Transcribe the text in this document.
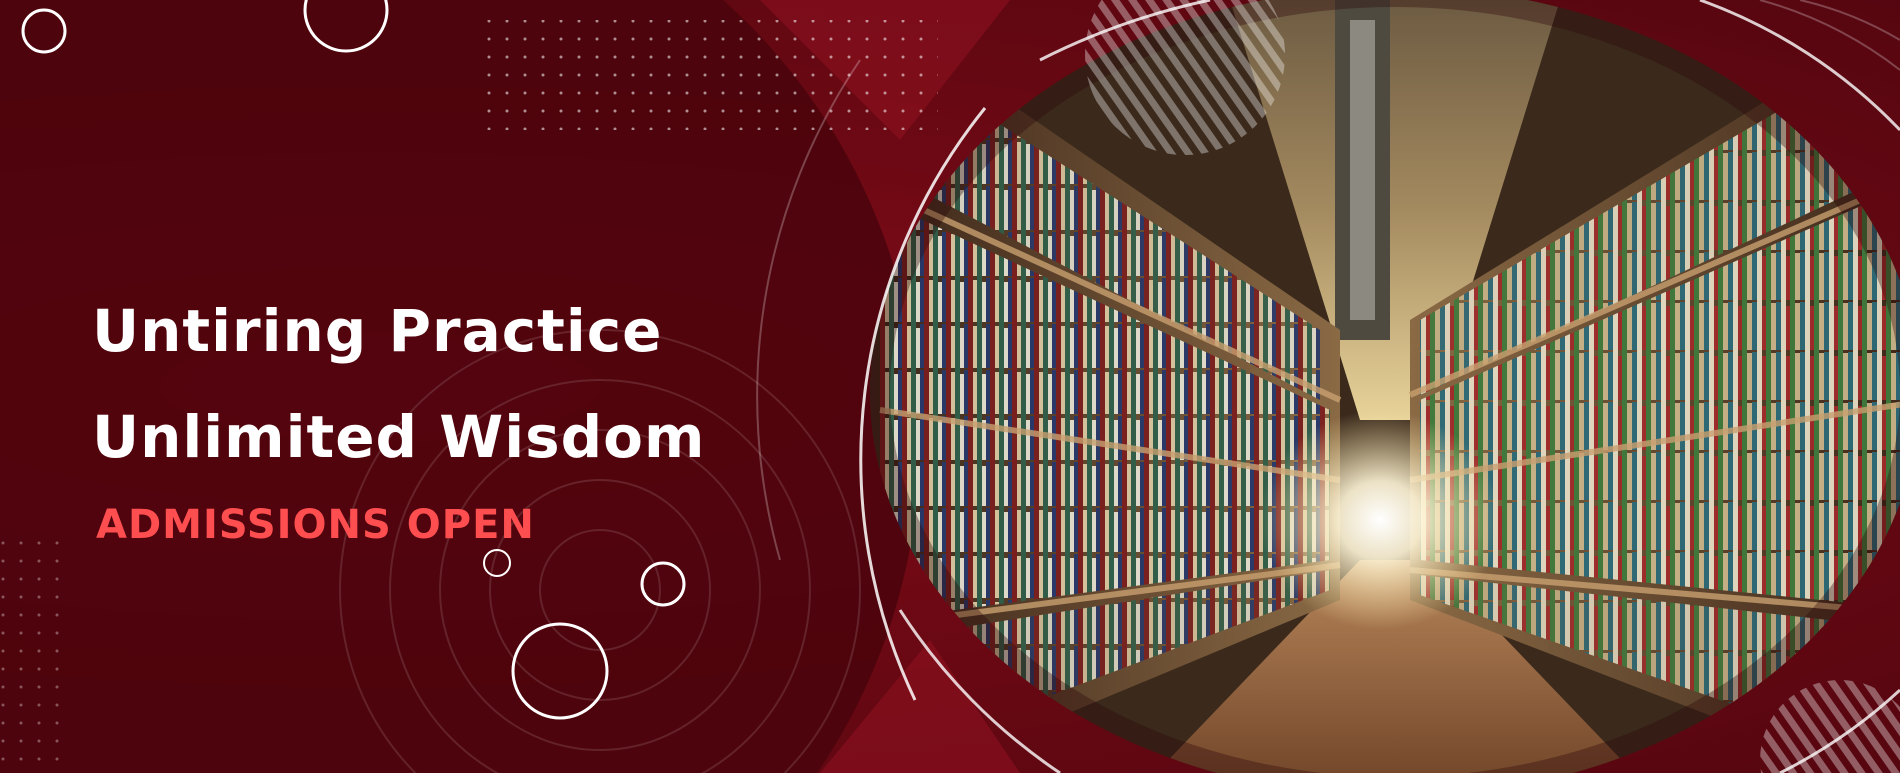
Untiring Practice
Unlimited Wisdom
ADMISSIONS OPEN
